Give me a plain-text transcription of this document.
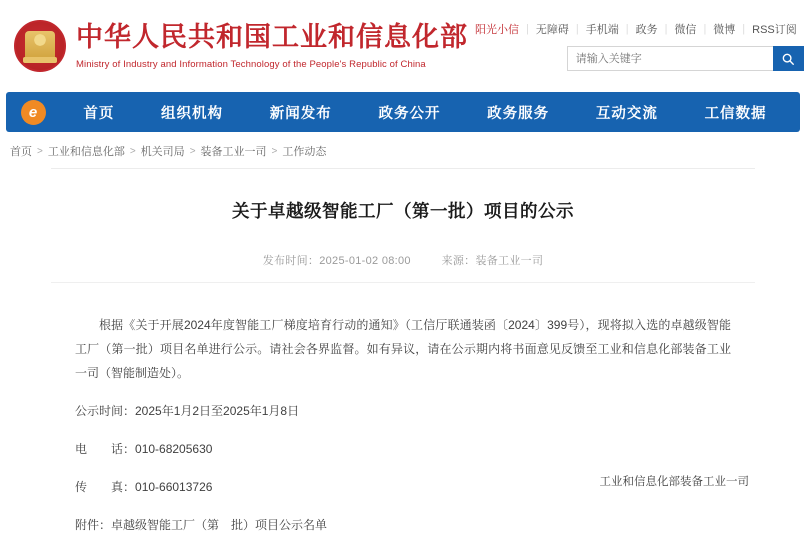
中华人民共和国工业和信息化部
Ministry of Industry and Information Technology of the People's Republic of China
阳光小信 | 无障碍 | 手机端 | 政务 | 微信 | 微博 | RSS订阅
请输入关键字
e	首页	组织机构	新闻发布	政务公开	政务服务	互动交流	工信数据
首页 > 工业和信息化部 > 机关司局 > 装备工业一司 > 工作动态
关于卓越级智能工厂（第一批）项目的公示
发布时间：2025-01-02 08:00	来源：装备工业一司

根据《关于开展2024年度智能工厂梯度培育行动的通知》（工信厅联通装函〔2024〕399号），现将拟入选的卓越级智能工厂（第一批）项目名单进行公示。请社会各界监督。如有异议，请在公示期内将书面意见反馈至工业和信息化部装备工业一司（智能制造处）。

公示时间：2025年1月2日至2025年1月8日

电　　话：010-68205630

传　　真：010-66013726

附件：卓越级智能工厂（第　批）项目公示名单

工业和信息化部装备工业一司
